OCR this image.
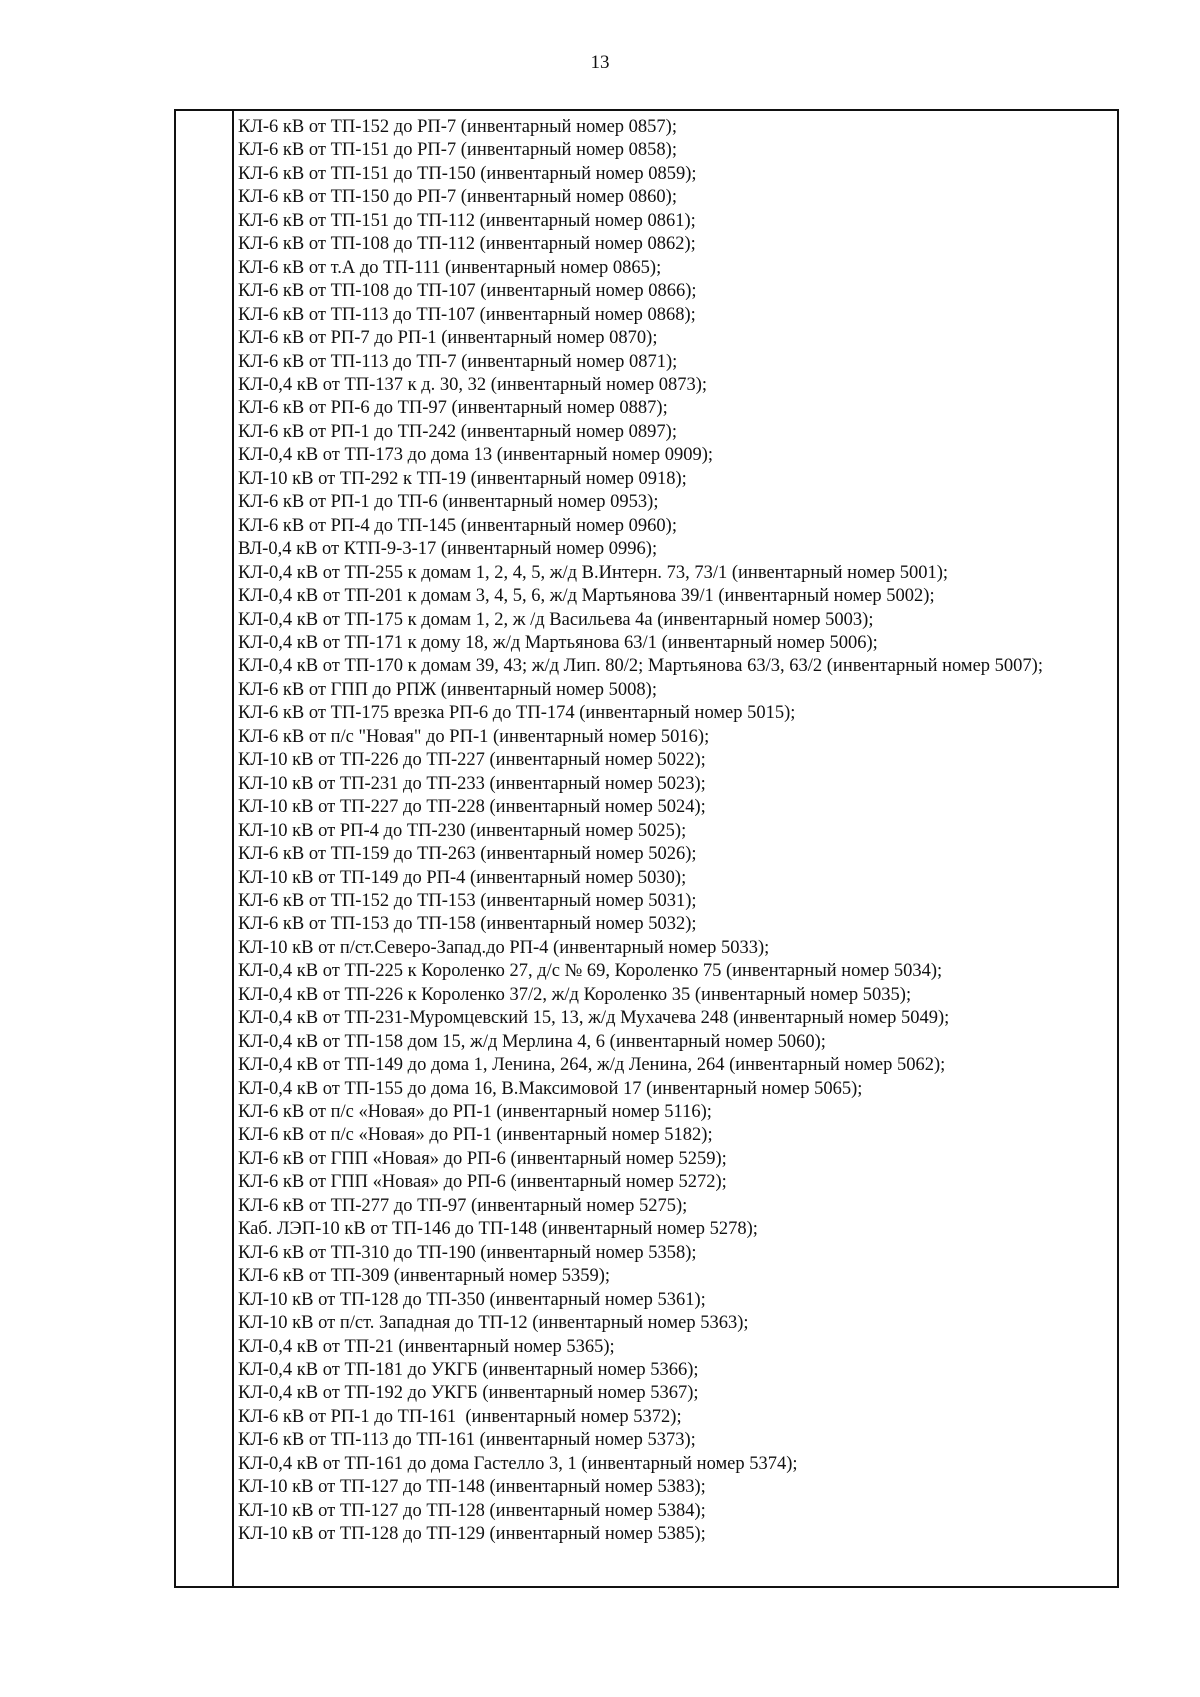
13
КЛ-6 кВ от ТП-152 до РП-7 (инвентарный номер 0857);
КЛ-6 кВ от ТП-151 до РП-7 (инвентарный номер 0858);
КЛ-6 кВ от ТП-151 до ТП-150 (инвентарный номер 0859);
КЛ-6 кВ от ТП-150 до РП-7 (инвентарный номер 0860);
КЛ-6 кВ от ТП-151 до ТП-112 (инвентарный номер 0861);
КЛ-6 кВ от ТП-108 до ТП-112 (инвентарный номер 0862);
КЛ-6 кВ от т.А до ТП-111 (инвентарный номер 0865);
КЛ-6 кВ от ТП-108 до ТП-107 (инвентарный номер 0866);
КЛ-6 кВ от ТП-113 до ТП-107 (инвентарный номер 0868);
КЛ-6 кВ от РП-7 до РП-1 (инвентарный номер 0870);
КЛ-6 кВ от ТП-113 до ТП-7 (инвентарный номер 0871);
КЛ-0,4 кВ от ТП-137 к д. 30, 32 (инвентарный номер 0873);
КЛ-6 кВ от РП-6 до ТП-97 (инвентарный номер 0887);
КЛ-6 кВ от РП-1 до ТП-242 (инвентарный номер 0897);
КЛ-0,4 кВ от ТП-173 до дома 13 (инвентарный номер 0909);
КЛ-10 кВ от ТП-292 к ТП-19 (инвентарный номер 0918);
КЛ-6 кВ от РП-1 до ТП-6 (инвентарный номер 0953);
КЛ-6 кВ от РП-4 до ТП-145 (инвентарный номер 0960);
ВЛ-0,4 кВ от КТП-9-3-17 (инвентарный номер 0996);
КЛ-0,4 кВ от ТП-255 к домам 1, 2, 4, 5, ж/д В.Интерн. 73, 73/1 (инвентарный номер 5001);
КЛ-0,4 кВ от ТП-201 к домам 3, 4, 5, 6, ж/д Мартьянова 39/1 (инвентарный номер 5002);
КЛ-0,4 кВ от ТП-175 к домам 1, 2, ж /д Васильева 4а (инвентарный номер 5003);
КЛ-0,4 кВ от ТП-171 к дому 18, ж/д Мартьянова 63/1 (инвентарный номер 5006);
КЛ-0,4 кВ от ТП-170 к домам 39, 43; ж/д Лип. 80/2; Мартьянова 63/3, 63/2 (инвентарный номер 5007);
КЛ-6 кВ от ГПП до РПЖ (инвентарный номер 5008);
КЛ-6 кВ от ТП-175 врезка РП-6 до ТП-174 (инвентарный номер 5015);
КЛ-6 кВ от п/с "Новая" до РП-1 (инвентарный номер 5016);
КЛ-10 кВ от ТП-226 до ТП-227 (инвентарный номер 5022);
КЛ-10 кВ от ТП-231 до ТП-233 (инвентарный номер 5023);
КЛ-10 кВ от ТП-227 до ТП-228 (инвентарный номер 5024);
КЛ-10 кВ от РП-4 до ТП-230 (инвентарный номер 5025);
КЛ-6 кВ от ТП-159 до ТП-263 (инвентарный номер 5026);
КЛ-10 кВ от ТП-149 до РП-4 (инвентарный номер 5030);
КЛ-6 кВ от ТП-152 до ТП-153 (инвентарный номер 5031);
КЛ-6 кВ от ТП-153 до ТП-158 (инвентарный номер 5032);
КЛ-10 кВ от п/ст.Северо-Запад.до РП-4 (инвентарный номер 5033);
КЛ-0,4 кВ от ТП-225 к Короленко 27, д/с № 69, Короленко 75 (инвентарный номер 5034);
КЛ-0,4 кВ от ТП-226 к Короленко 37/2, ж/д Короленко 35 (инвентарный номер 5035);
КЛ-0,4 кВ от ТП-231-Муромцевский 15, 13, ж/д Мухачева 248 (инвентарный номер 5049);
КЛ-0,4 кВ от ТП-158 дом 15, ж/д Мерлина 4, 6 (инвентарный номер 5060);
КЛ-0,4 кВ от ТП-149 до дома 1, Ленина, 264, ж/д Ленина, 264 (инвентарный номер 5062);
КЛ-0,4 кВ от ТП-155 до дома 16, В.Максимовой 17 (инвентарный номер 5065);
КЛ-6 кВ от п/с «Новая» до РП-1 (инвентарный номер 5116);
КЛ-6 кВ от п/с «Новая» до РП-1 (инвентарный номер 5182);
КЛ-6 кВ от ГПП «Новая» до РП-6 (инвентарный номер 5259);
КЛ-6 кВ от ГПП «Новая» до РП-6 (инвентарный номер 5272);
КЛ-6 кВ от ТП-277 до ТП-97 (инвентарный номер 5275);
Каб. ЛЭП-10 кВ от ТП-146 до ТП-148 (инвентарный номер 5278);
КЛ-6 кВ от ТП-310 до ТП-190 (инвентарный номер 5358);
КЛ-6 кВ от ТП-309 (инвентарный номер 5359);
КЛ-10 кВ от ТП-128 до ТП-350 (инвентарный номер 5361);
КЛ-10 кВ от п/ст. Западная до ТП-12 (инвентарный номер 5363);
КЛ-0,4 кВ от ТП-21 (инвентарный номер 5365);
КЛ-0,4 кВ от ТП-181 до УКГБ (инвентарный номер 5366);
КЛ-0,4 кВ от ТП-192 до УКГБ (инвентарный номер 5367);
КЛ-6 кВ от РП-1 до ТП-161  (инвентарный номер 5372);
КЛ-6 кВ от ТП-113 до ТП-161 (инвентарный номер 5373);
КЛ-0,4 кВ от ТП-161 до дома Гастелло 3, 1 (инвентарный номер 5374);
КЛ-10 кВ от ТП-127 до ТП-148 (инвентарный номер 5383);
КЛ-10 кВ от ТП-127 до ТП-128 (инвентарный номер 5384);
КЛ-10 кВ от ТП-128 до ТП-129 (инвентарный номер 5385);
